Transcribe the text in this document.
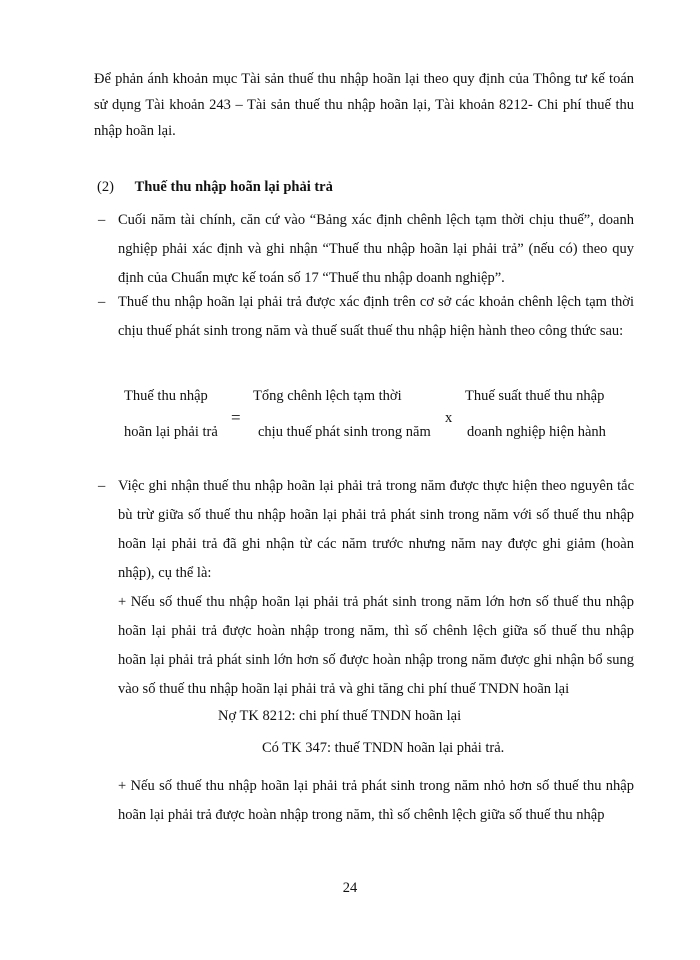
Để phản ánh khoản mục Tài sản thuế thu nhập hoãn lại theo quy định của Thông tư kế toán sử dụng Tài khoản 243 – Tài sản thuế thu nhập hoãn lại, Tài khoản 8212- Chi phí thuế thu nhập hoãn lại.

(2) Thuế thu nhập hoãn lại phải trả

– Cuối năm tài chính, căn cứ vào “Bảng xác định chênh lệch tạm thời chịu thuế”, doanh nghiệp phải xác định và ghi nhận “Thuế thu nhập hoãn lại phải trả” (nếu có) theo quy định của Chuẩn mực kế toán số 17 “Thuế thu nhập doanh nghiệp”.
– Thuế thu nhập hoãn lại phải trả được xác định trên cơ sở các khoản chênh lệch tạm thời chịu thuế phát sinh trong năm và thuế suất thuế thu nhập hiện hành theo công thức sau:
Thuế thu nhập
hoãn lại phải trả
=
Tổng chênh lệch tạm thời
chịu thuế phát sinh trong năm
x
Thuế suất thuế thu nhập
doanh nghiệp hiện hành
– Việc ghi nhận thuế thu nhập hoãn lại phải trả trong năm được thực hiện theo nguyên tắc bù trừ giữa số thuế thu nhập hoãn lại phải trả phát sinh trong năm với số thuế thu nhập hoãn lại phải trả đã ghi nhận từ các năm trước nhưng năm nay được ghi giảm (hoàn nhập), cụ thể là:

+ Nếu số thuế thu nhập hoãn lại phải trả phát sinh trong năm lớn hơn số thuế thu nhập hoãn lại phải trả được hoàn nhập trong năm, thì số chênh lệch giữa số thuế thu nhập hoãn lại phải trả phát sinh lớn hơn số được hoàn nhập trong năm được ghi nhận bổ sung vào số thuế thu nhập hoãn lại phải trả và ghi tăng chi phí thuế TNDN hoãn lại

Nợ TK 8212: chi phí thuế TNDN hoãn lại

Có TK 347: thuế TNDN hoãn lại phải trả.

+ Nếu số thuế thu nhập hoãn lại phải trả phát sinh trong năm nhỏ hơn số thuế thu nhập hoãn lại phải trả được hoàn nhập trong năm, thì số chênh lệch giữa số thuế thu nhập

24
